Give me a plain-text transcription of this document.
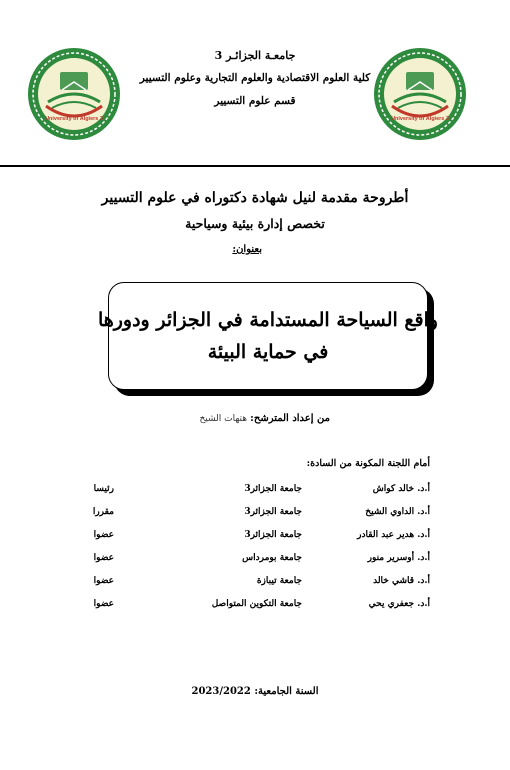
University of Algiers 3	University of Algiers 3
جامعـة الجزائـر 3
كلية العلوم الاقتصادية والعلوم التجارية وعلوم التسيير
قسم علوم التسيير
أطروحة مقدمة لنيل شهادة دكتوراه في علوم التسيير
تخصص إدارة بيئية وسياحية
بعنوان:
واقع السياحة المستدامة في الجزائر ودورها
في حماية البيئة
من إعداد المترشح: هتهات الشيخ
أمام اللجنة المكونة من السادة:
أ.د. خالد كواش
جامعة الجزائر3
رئيسا
أ.د. الداوي الشيخ
جامعة الجزائر3
مقررا
أ.د. هدير عبد القادر
جامعة الجزائر3
عضوا
أ.د. أوسرير منور
جامعة بومرداس
عضوا
أ.د. قاشي خالد
جامعة تيبازة
عضوا
أ.د. جعفري يحي
جامعة التكوين المتواصل
عضوا
السنة الجامعية: 2023/2022
